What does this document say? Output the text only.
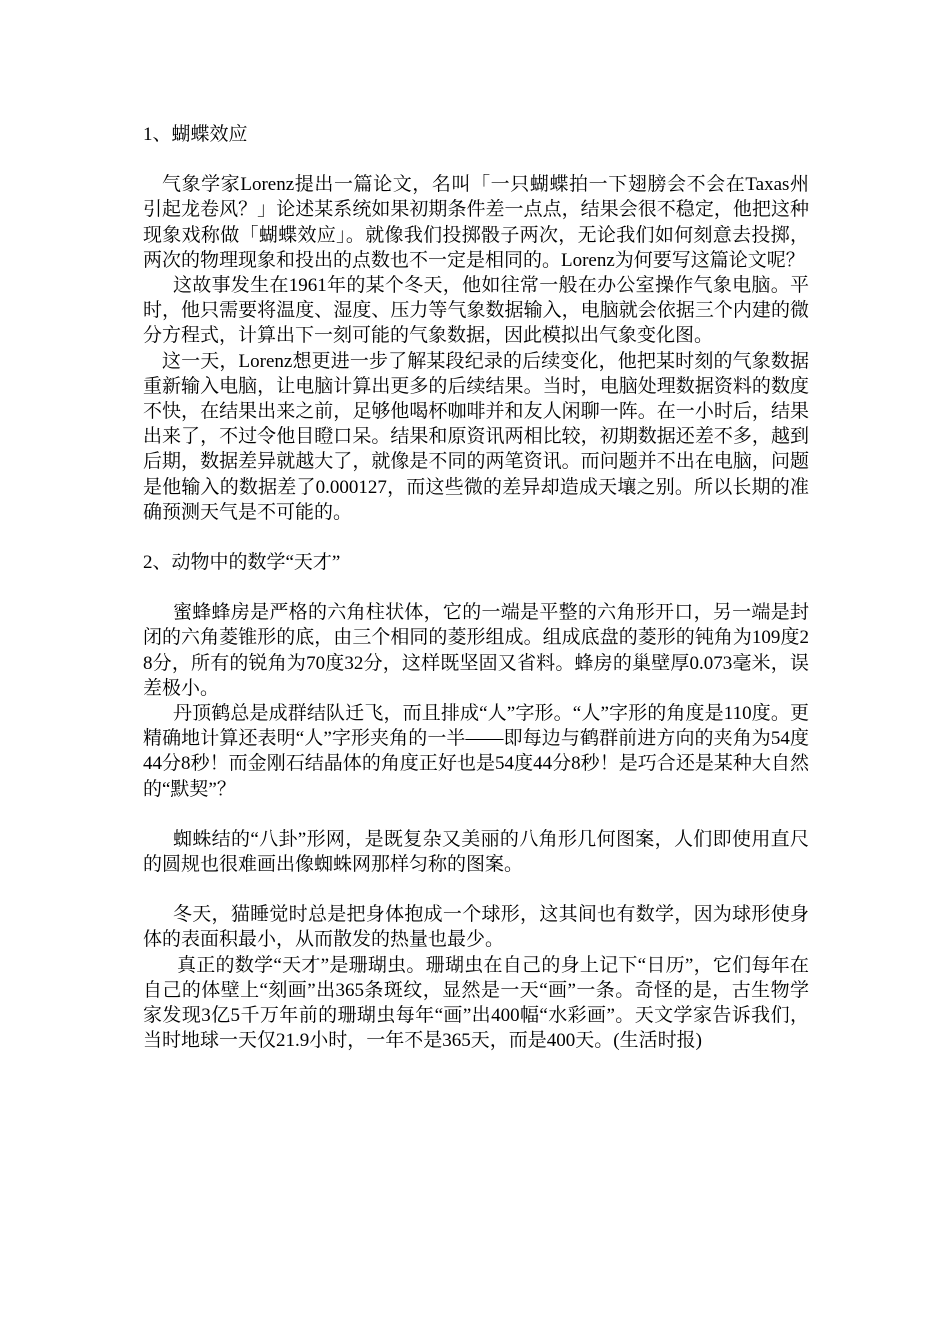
1、蝴蝶效应

气象学家Lorenz提出一篇论文，名叫「一只蝴蝶拍一下翅膀会不会在Taxas州引起龙卷风？」论述某系统如果初期条件差一点点，结果会很不稳定，他把这种现象戏称做「蝴蝶效应」。就像我们投掷骰子两次，无论我们如何刻意去投掷，两次的物理现象和投出的点数也不一定是相同的。Lorenz为何要写这篇论文呢？

这故事发生在1961年的某个冬天，他如往常一般在办公室操作气象电脑。平时，他只需要将温度、湿度、压力等气象数据输入，电脑就会依据三个内建的微分方程式，计算出下一刻可能的气象数据，因此模拟出气象变化图。

这一天，Lorenz想更进一步了解某段纪录的后续变化，他把某时刻的气象数据重新输入电脑，让电脑计算出更多的后续结果。当时，电脑处理数据资料的数度不快，在结果出来之前，足够他喝杯咖啡并和友人闲聊一阵。在一小时后，结果出来了，不过令他目瞪口呆。结果和原资讯两相比较，初期数据还差不多，越到后期，数据差异就越大了，就像是不同的两笔资讯。而问题并不出在电脑，问题是他输入的数据差了0.000127，而这些微的差异却造成天壤之别。所以长期的准确预测天气是不可能的。

2、动物中的数学“天才”

蜜蜂蜂房是严格的六角柱状体，它的一端是平整的六角形开口，另一端是封闭的六角菱锥形的底，由三个相同的菱形组成。组成底盘的菱形的钝角为109度28分，所有的锐角为70度32分，这样既坚固又省料。蜂房的巢壁厚0.073毫米，误差极小。

丹顶鹤总是成群结队迁飞，而且排成“人”字形。“人”字形的角度是110度。更精确地计算还表明“人”字形夹角的一半——即每边与鹤群前进方向的夹角为54度44分8秒！而金刚石结晶体的角度正好也是54度44分8秒！是巧合还是某种大自然的“默契”？

蜘蛛结的“八卦”形网，是既复杂又美丽的八角形几何图案，人们即使用直尺的圆规也很难画出像蜘蛛网那样匀称的图案。

冬天，猫睡觉时总是把身体抱成一个球形，这其间也有数学，因为球形使身体的表面积最小，从而散发的热量也最少。

真正的数学“天才”是珊瑚虫。珊瑚虫在自己的身上记下“日历”，它们每年在自己的体壁上“刻画”出365条斑纹，显然是一天“画”一条。奇怪的是，古生物学家发现3亿5千万年前的珊瑚虫每年“画”出400幅“水彩画”。天文学家告诉我们，当时地球一天仅21.9小时，一年不是365天，而是400天。(生活时报)
